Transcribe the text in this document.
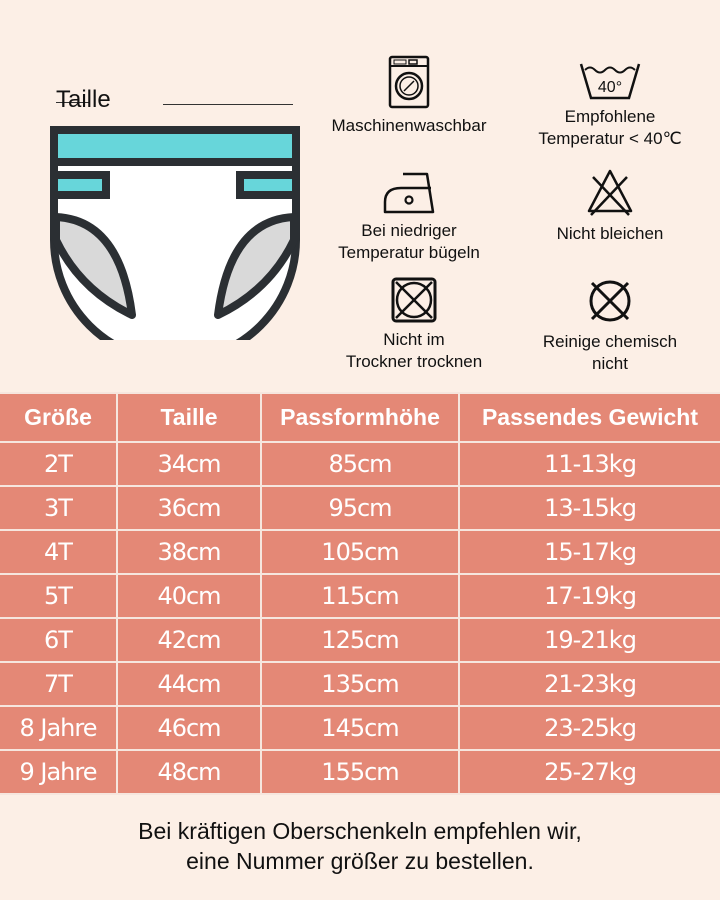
Taille
Maschinenwaschbar
40°
Empfohlene
Temperatur < 40℃
Bei niedriger
Temperatur bügeln
Nicht bleichen
Nicht im
Trockner trocknen
Reinige chemisch
nicht
Größe	Taille	Passformhöhe	Passendes Gewicht
2T	34cm	85cm	11-13kg
3T	36cm	95cm	13-15kg
4T	38cm	105cm	15-17kg
5T	40cm	115cm	17-19kg
6T	42cm	125cm	19-21kg
7T	44cm	135cm	21-23kg
8 Jahre	46cm	145cm	23-25kg
9 Jahre	48cm	155cm	25-27kg
Bei kräftigen Oberschenkeln empfehlen wir,
eine Nummer größer zu bestellen.
